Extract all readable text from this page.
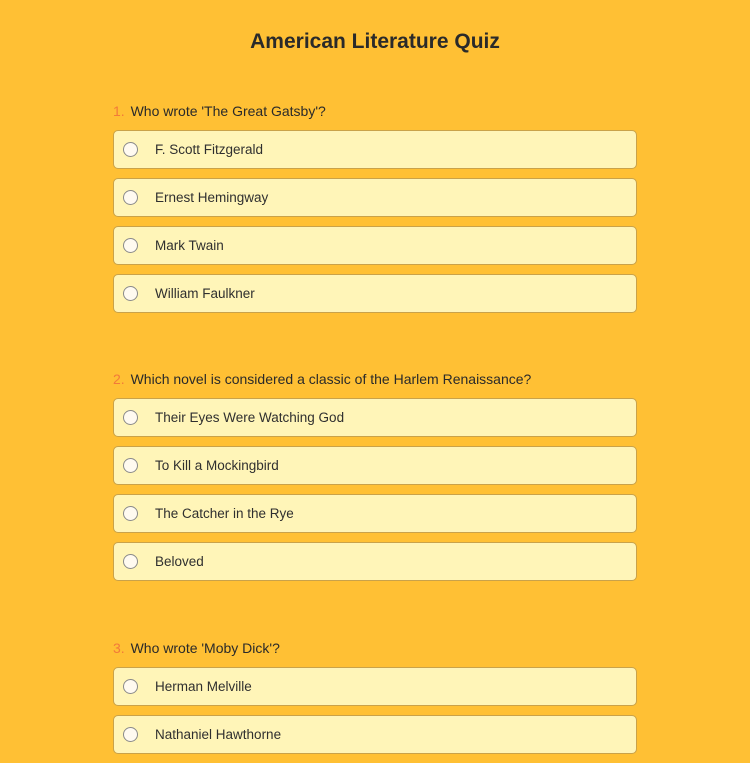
American Literature Quiz
1. Who wrote 'The Great Gatsby'?
F. Scott Fitzgerald
Ernest Hemingway
Mark Twain
William Faulkner
2. Which novel is considered a classic of the Harlem Renaissance?
Their Eyes Were Watching God
To Kill a Mockingbird
The Catcher in the Rye
Beloved
3. Who wrote 'Moby Dick'?
Herman Melville
Nathaniel Hawthorne
